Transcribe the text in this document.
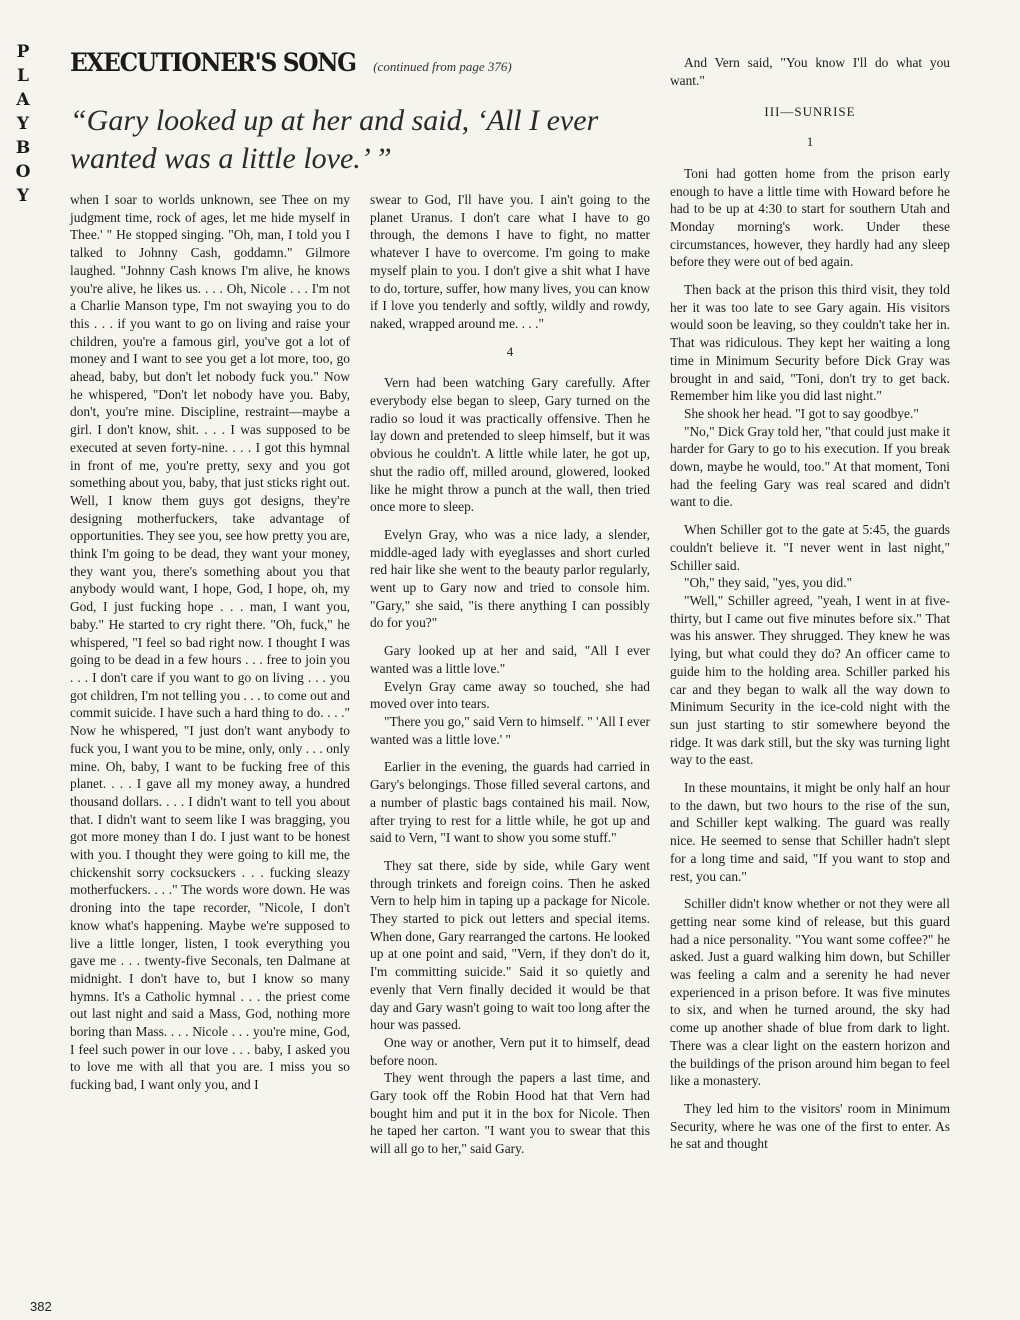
P
L
A
Y
B
O
Y
EXECUTIONER'S SONG (continued from page 376)
“Gary looked up at her and said, ‘All I ever wanted was a little love.’ ”

when I soar to worlds unknown, see Thee on my judgment time, rock of ages, let me hide myself in Thee.' " He stopped singing. "Oh, man, I told you I talked to Johnny Cash, goddamn." Gilmore laughed. "Johnny Cash knows I'm alive, he knows you're alive, he likes us. . . . Oh, Nicole . . . I'm not a Charlie Manson type, I'm not swaying you to do this . . . if you want to go on living and raise your children, you're a famous girl, you've got a lot of money and I want to see you get a lot more, too, go ahead, baby, but don't let nobody fuck you." Now he whispered, "Don't let nobody have you. Baby, don't, you're mine. Discipline, restraint—maybe a girl. I don't know, shit. . . . I was supposed to be executed at seven forty-nine. . . . I got this hymnal in front of me, you're pretty, sexy and you got something about you, baby, that just sticks right out. Well, I know them guys got designs, they're designing motherfuckers, take advantage of opportunities. They see you, see how pretty you are, think I'm going to be dead, they want your money, they want you, there's something about you that anybody would want, I hope, God, I hope, oh, my God, I just fucking hope . . . man, I want you, baby." He started to cry right there. "Oh, fuck," he whispered, "I feel so bad right now. I thought I was going to be dead in a few hours . . . free to join you . . . I don't care if you want to go on living . . . you got children, I'm not telling you . . . to come out and commit suicide. I have such a hard thing to do. . . ." Now he whispered, "I just don't want anybody to fuck you, I want you to be mine, only, only . . . only mine. Oh, baby, I want to be fucking free of this planet. . . . I gave all my money away, a hundred thousand dollars. . . . I didn't want to tell you about that. I didn't want to seem like I was bragging, you got more money than I do. I just want to be honest with you. I thought they were going to kill me, the chickenshit sorry cocksuckers . . . fucking sleazy motherfuckers. . . ." The words wore down. He was droning into the tape recorder, "Nicole, I don't know what's happening. Maybe we're supposed to live a little longer, listen, I took everything you gave me . . . twenty-five Seconals, ten Dalmane at midnight. I don't have to, but I know so many hymns. It's a Catholic hymnal . . . the priest come out last night and said a Mass, God, nothing more boring than Mass. . . . Nicole . . . you're mine, God, I feel such power in our love . . . baby, I asked you to love me with all that you are. I miss you so fucking bad, I want only you, and I

swear to God, I'll have you. I ain't going to the planet Uranus. I don't care what I have to go through, the demons I have to fight, no matter whatever I have to overcome. I'm going to make myself plain to you. I don't give a shit what I have to do, torture, suffer, how many lives, you can know if I love you tenderly and softly, wildly and rowdy, naked, wrapped around me. . . ."

4

Vern had been watching Gary carefully. After everybody else began to sleep, Gary turned on the radio so loud it was practically offensive. Then he lay down and pretended to sleep himself, but it was obvious he couldn't. A little while later, he got up, shut the radio off, milled around, glowered, looked like he might throw a punch at the wall, then tried once more to sleep.

Evelyn Gray, who was a nice lady, a slender, middle-aged lady with eyeglasses and short curled red hair like she went to the beauty parlor regularly, went up to Gary now and tried to console him. "Gary," she said, "is there anything I can possibly do for you?"

Gary looked up at her and said, "All I ever wanted was a little love."

Evelyn Gray came away so touched, she had moved over into tears.

"There you go," said Vern to himself. " 'All I ever wanted was a little love.' "

Earlier in the evening, the guards had carried in Gary's belongings. Those filled several cartons, and a number of plastic bags contained his mail. Now, after trying to rest for a little while, he got up and said to Vern, "I want to show you some stuff."

They sat there, side by side, while Gary went through trinkets and foreign coins. Then he asked Vern to help him in taping up a package for Nicole. They started to pick out letters and special items. When done, Gary rearranged the cartons. He looked up at one point and said, "Vern, if they don't do it, I'm committing suicide." Said it so quietly and evenly that Vern finally decided it would be that day and Gary wasn't going to wait too long after the hour was passed.

One way or another, Vern put it to himself, dead before noon.

They went through the papers a last time, and Gary took off the Robin Hood hat that Vern had bought him and put it in the box for Nicole. Then he taped her carton. "I want you to swear that this will all go to her," said Gary.

And Vern said, "You know I'll do what you want."

III—SUNRISE
1

Toni had gotten home from the prison early enough to have a little time with Howard before he had to be up at 4:30 to start for southern Utah and Monday morning's work. Under these circumstances, however, they hardly had any sleep before they were out of bed again.

Then back at the prison this third visit, they told her it was too late to see Gary again. His visitors would soon be leaving, so they couldn't take her in. That was ridiculous. They kept her waiting a long time in Minimum Security before Dick Gray was brought in and said, "Toni, don't try to get back. Remember him like you did last night."

She shook her head. "I got to say goodbye."

"No," Dick Gray told her, "that could just make it harder for Gary to go to his execution. If you break down, maybe he would, too." At that moment, Toni had the feeling Gary was real scared and didn't want to die.

When Schiller got to the gate at 5:45, the guards couldn't believe it. "I never went in last night," Schiller said.

"Oh," they said, "yes, you did."

"Well," Schiller agreed, "yeah, I went in at five-thirty, but I came out five minutes before six." That was his answer. They shrugged. They knew he was lying, but what could they do? An officer came to guide him to the holding area. Schiller parked his car and they began to walk all the way down to Minimum Security in the ice-cold night with the sun just starting to stir somewhere beyond the ridge. It was dark still, but the sky was turning light way to the east.

In these mountains, it might be only half an hour to the dawn, but two hours to the rise of the sun, and Schiller kept walking. The guard was really nice. He seemed to sense that Schiller hadn't slept for a long time and said, "If you want to stop and rest, you can."

Schiller didn't know whether or not they were all getting near some kind of release, but this guard had a nice personality. "You want some coffee?" he asked. Just a guard walking him down, but Schiller was feeling a calm and a serenity he had never experienced in a prison before. It was five minutes to six, and when he turned around, the sky had come up another shade of blue from dark to light. There was a clear light on the eastern horizon and the buildings of the prison around him began to feel like a monastery.

They led him to the visitors' room in Minimum Security, where he was one of the first to enter. As he sat and thought

382
